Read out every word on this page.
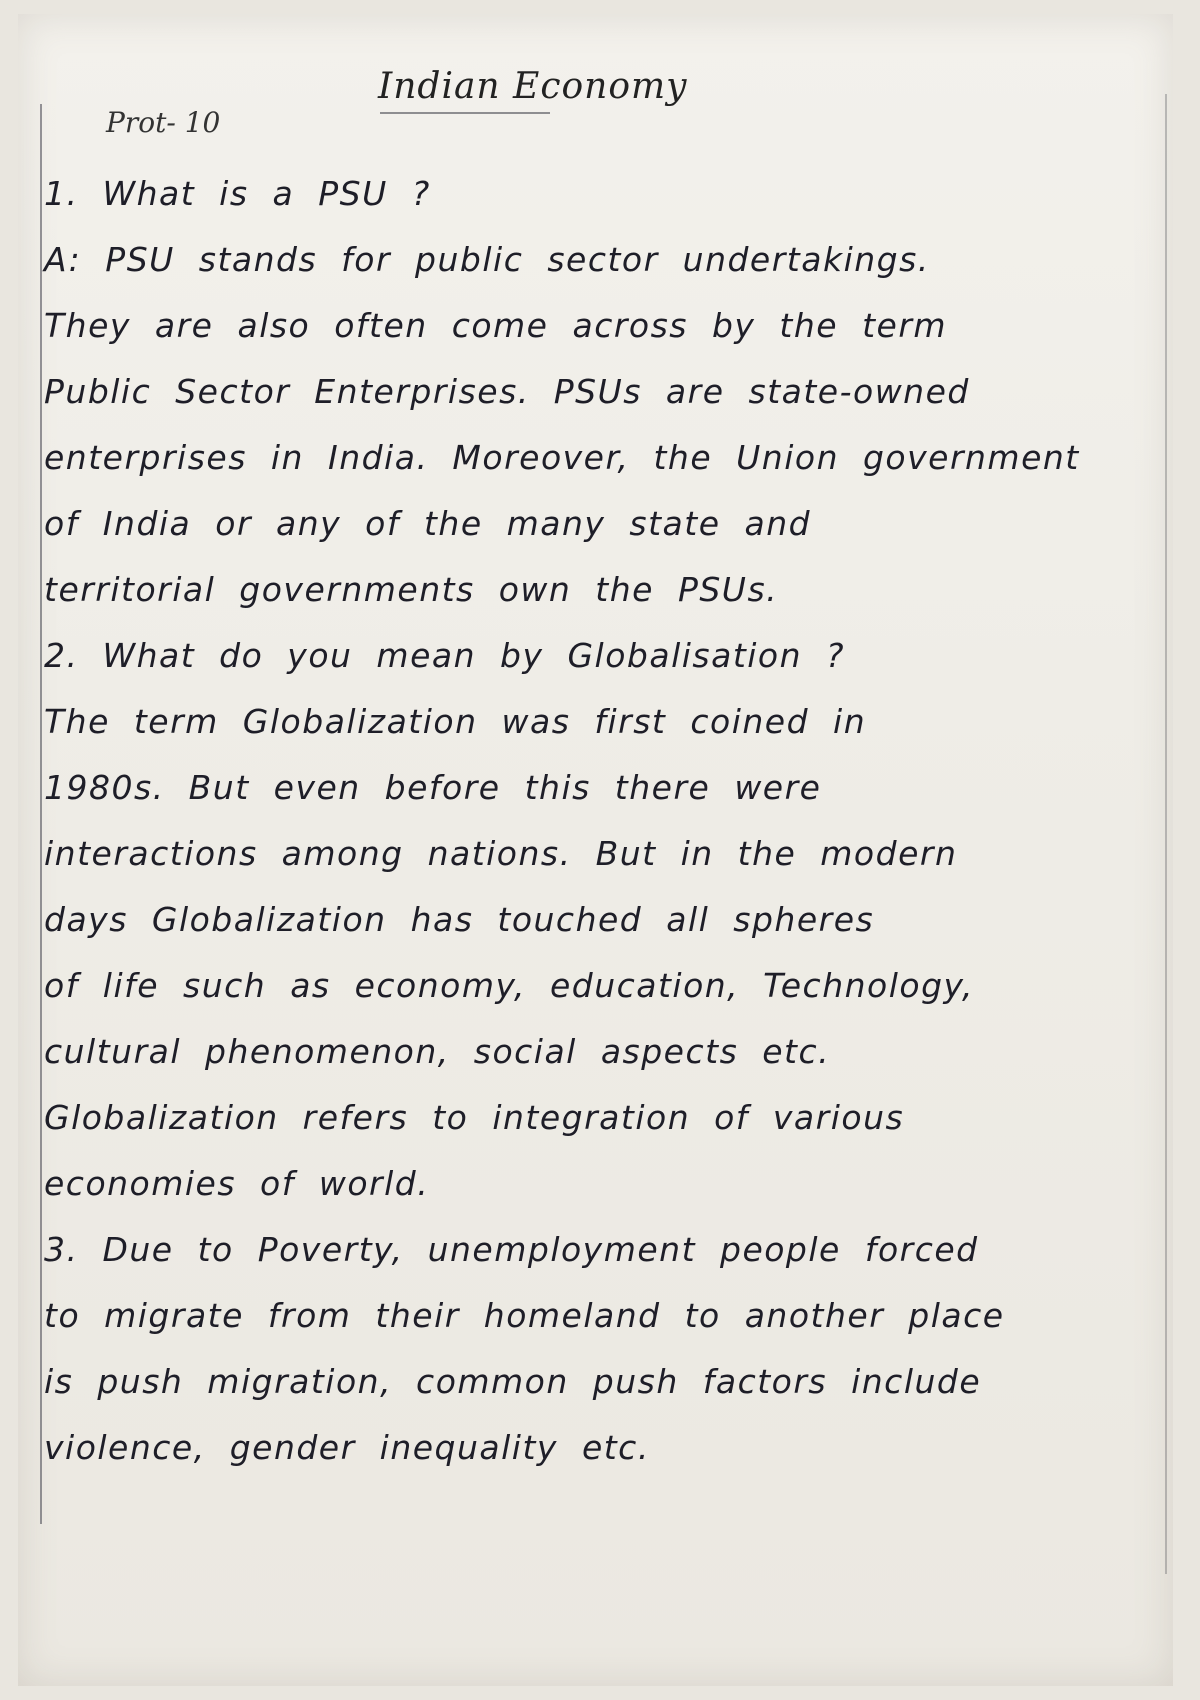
Indian Economy
Prot- 10
1. What is a PSU ?
A: PSU stands for public sector undertakings.
They are also often come across by the term
Public Sector Enterprises. PSUs are state-owned
enterprises in India. Moreover, the Union government
of India or any of the many state and
territorial governments own the PSUs.
2. What do you mean by Globalisation ?
The term Globalization was first coined in
1980s. But even before this there were
interactions among nations. But in the modern
days Globalization has touched all spheres
of life such as economy, education, Technology,
cultural phenomenon, social aspects etc.
Globalization refers to integration of various
economies of world.
3. Due to Poverty, unemployment people forced
to migrate from their homeland to another place
is push migration, common push factors include
violence, gender inequality etc.
